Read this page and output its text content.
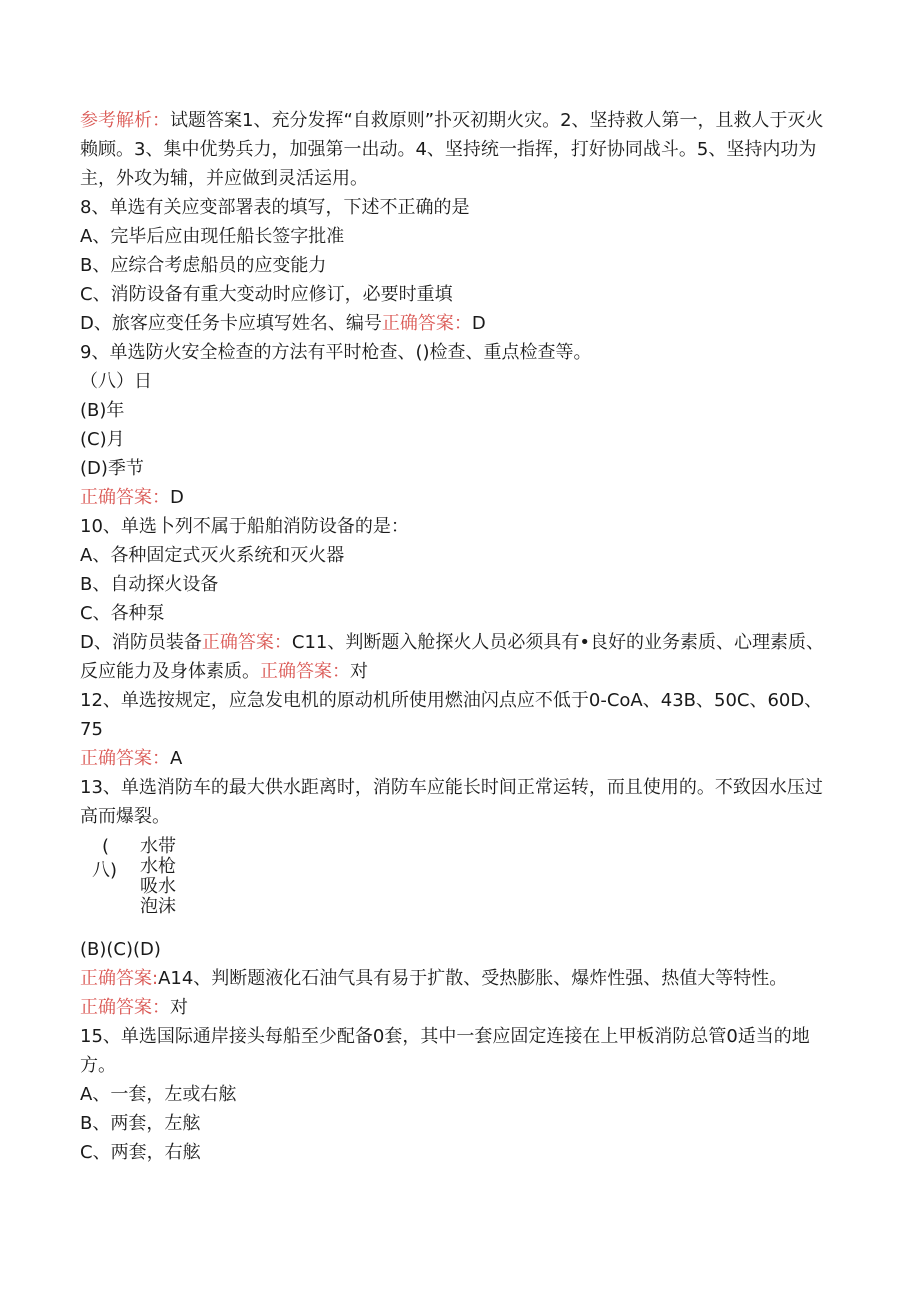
参考解析：试题答案1、充分发挥“自救原则”扑灭初期火灾。2、坚持救人第一，且救人于灭火赖顾。3、集中优势兵力，加强第一出动。4、坚持统一指挥，打好协同战斗。5、坚持内功为主，外攻为辅，并应做到灵活运用。
8、单选有关应变部署表的填写，下述不正确的是
A、完毕后应由现任船长签字批准
B、应综合考虑船员的应变能力
C、消防设备有重大变动时应修订，必要时重填
D、旅客应变任务卡应填写姓名、编号正确答案：D
9、单选防火安全检查的方法有平时枪查、()检查、重点检查等。
（八）日
(B)年
(C)月
(D)季节
正确答案：D
10、单选卜列不属于船舶消防设备的是：
A、各种固定式灭火系统和灭火器
B、自动探火设备
C、各种泵
D、消防员装备正确答案：C11、判断题入舱探火人员必须具有•良好的业务素质、心理素质、反应能力及身体素质。正确答案：对
12、单选按规定，应急发电机的原动机所使用燃油闪点应不低于0-CoA、43B、50C、60D、75
正确答案：A
13、单选消防车的最大供水距离时，消防车应能长时间正常运转，而且使用的。不致因水压过高而爆裂。
(
八)
水带
水枪
吸水
泡沫
(B)(C)(D)
正确答案:A14、判断题液化石油气具有易于扩散、受热膨胀、爆炸性强、热值大等特性。
正确答案：对
15、单选国际通岸接头每船至少配备0套，其中一套应固定连接在上甲板消防总管0适当的地方。
A、一套，左或右舷
B、两套，左舷
C、两套，右舷
